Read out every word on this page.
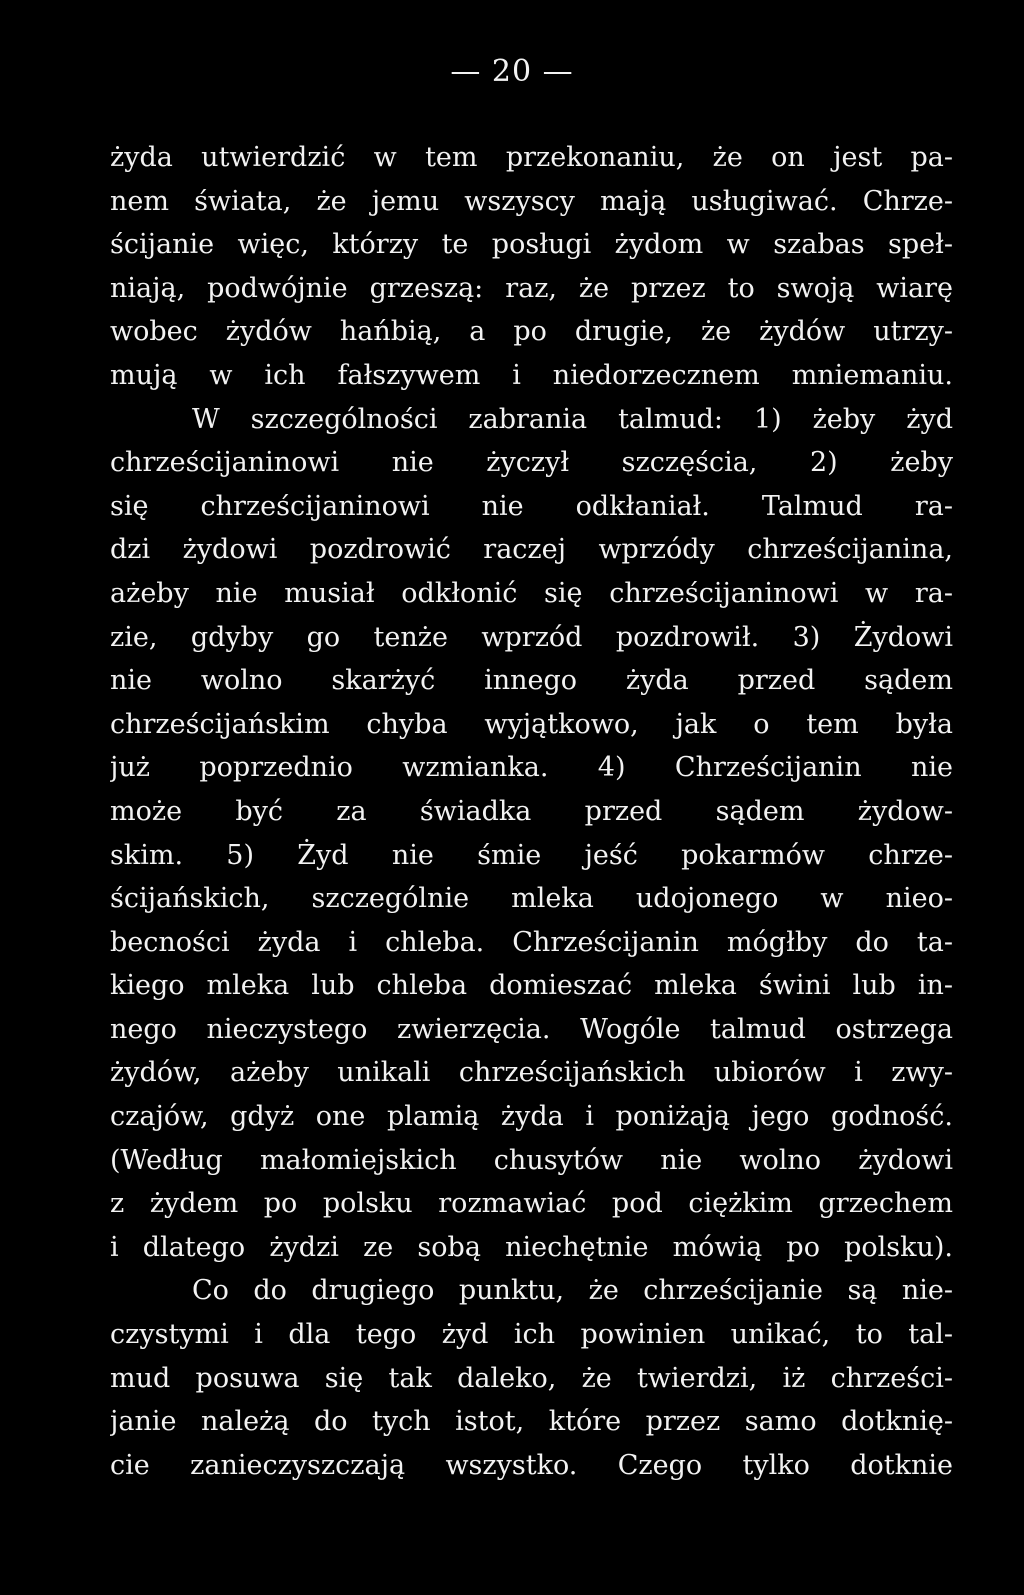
— 20 —
żyda utwierdzić w tem przekonaniu, że on jest pa-
nem świata, że jemu wszyscy mają usługiwać. Chrze-
ścijanie więc, którzy te posługi żydom w szabas speł-
niają, podwójnie grzeszą: raz, że przez to swoją wiarę
wobec żydów hańbią, a po drugie, że żydów utrzy-
mują w ich fałszywem i niedorzecznem mniemaniu.
W szczególności zabrania talmud: 1) żeby żyd
chrześcijaninowi nie życzył szczęścia, 2) żeby
się chrześcijaninowi nie odkłaniał. Talmud ra-
dzi żydowi pozdrowić raczej wprzódy chrześcijanina,
ażeby nie musiał odkłonić się chrześcijaninowi w ra-
zie, gdyby go tenże wprzód pozdrowił. 3) Żydowi
nie wolno skarżyć innego żyda przed sądem
chrześcijańskim chyba wyjątkowo, jak o tem była
już poprzednio wzmianka. 4) Chrześcijanin nie
może być za świadka przed sądem żydow-
skim. 5) Żyd nie śmie jeść pokarmów chrze-
ścijańskich, szczególnie mleka udojonego w nieo-
becności żyda i chleba. Chrześcijanin mógłby do ta-
kiego mleka lub chleba domieszać mleka świni lub in-
nego nieczystego zwierzęcia. Wogóle talmud ostrzega
żydów, ażeby unikali chrześcijańskich ubiorów i zwy-
czajów, gdyż one plamią żyda i poniżają jego godność.
(Według małomiejskich chusytów nie wolno żydowi
z żydem po polsku rozmawiać pod ciężkim grzechem
i dlatego żydzi ze sobą niechętnie mówią po polsku).
Co do drugiego punktu, że chrześcijanie są nie-
czystymi i dla tego żyd ich powinien unikać, to tal-
mud posuwa się tak daleko, że twierdzi, iż chrześci-
janie należą do tych istot, które przez samo dotknię-
cie zanieczyszczają wszystko. Czego tylko dotknie
